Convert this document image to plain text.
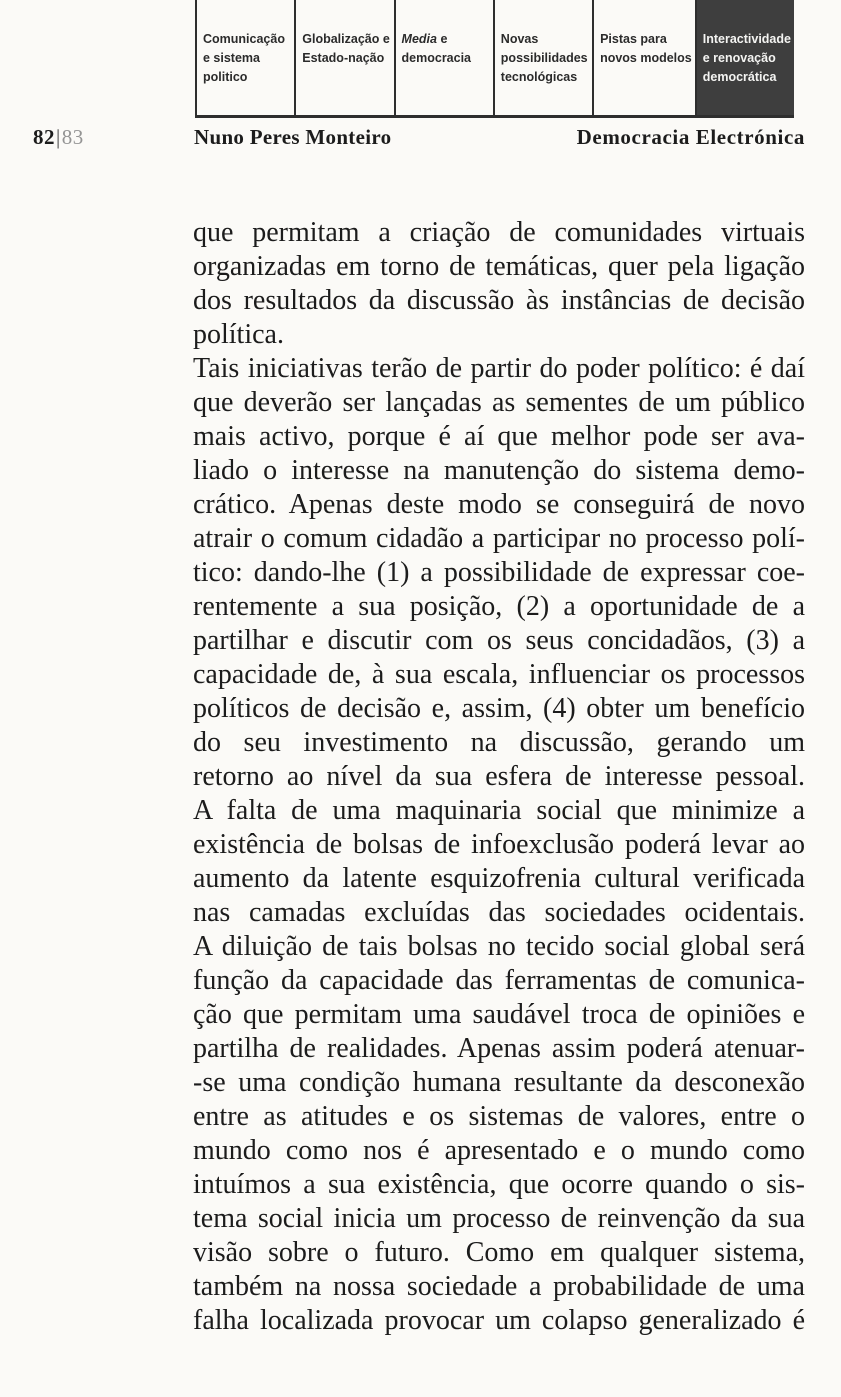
Comunicação
e sistema
politico
Globalização e
Estado-nação
Media e
democracia
Novas
possibilidades
tecnológicas
Pistas para
novos modelos
Interactividade
e renovação
democrática
82|83	Nuno Peres Monteiro	Democracia Electrónica
que permitam a criação de comunidades virtuais
organizadas em torno de temáticas, quer pela ligação
dos resultados da discussão às instâncias de decisão
política.
Tais iniciativas terão de partir do poder político: é daí
que deverão ser lançadas as sementes de um público
mais activo, porque é aí que melhor pode ser ava-
liado o interesse na manutenção do sistema demo-
crático. Apenas deste modo se conseguirá de novo
atrair o comum cidadão a participar no processo polí-
tico: dando-lhe (1) a possibilidade de expressar coe-
rentemente a sua posição, (2) a oportunidade de a
partilhar e discutir com os seus concidadãos, (3) a
capacidade de, à sua escala, influenciar os processos
políticos de decisão e, assim, (4) obter um benefício
do seu investimento na discussão, gerando um
retorno ao nível da sua esfera de interesse pessoal.
A falta de uma maquinaria social que minimize a
existência de bolsas de infoexclusão poderá levar ao
aumento da latente esquizofrenia cultural verificada
nas camadas excluídas das sociedades ocidentais.
A diluição de tais bolsas no tecido social global será
função da capacidade das ferramentas de comunica-
ção que permitam uma saudável troca de opiniões e
partilha de realidades. Apenas assim poderá atenuar-
-se uma condição humana resultante da desconexão
entre as atitudes e os sistemas de valores, entre o
mundo como nos é apresentado e o mundo como
intuímos a sua existência, que ocorre quando o sis-
tema social inicia um processo de reinvenção da sua
visão sobre o futuro. Como em qualquer sistema,
também na nossa sociedade a probabilidade de uma
falha localizada provocar um colapso generalizado é
